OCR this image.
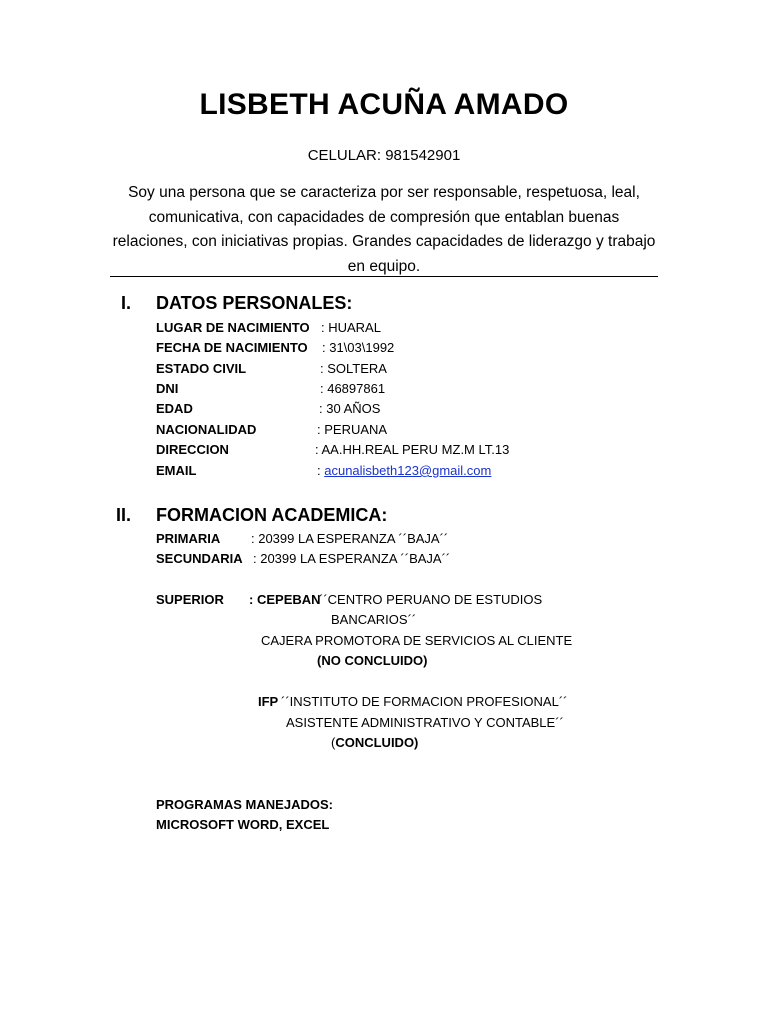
LISBETH ACUÑA AMADO
CELULAR: 981542901
Soy una persona que se caracteriza por ser responsable, respetuosa, leal, comunicativa, con capacidades de compresión que entablan buenas relaciones, con iniciativas propias. Grandes capacidades de liderazgo y trabajo en equipo.
I. DATOS PERSONALES:
LUGAR DE NACIMIENTO : HUARAL
FECHA DE NACIMIENTO : 31\03\1992
ESTADO CIVIL	: SOLTERA
DNI	: 46897861
EDAD	: 30 AÑOS
NACIONALIDAD	: PERUANA
DIRECCION	: AA.HH.REAL PERU MZ.M LT.13
EMAIL	: acunalisbeth123@gmail.com
II. FORMACION ACADEMICA:
PRIMARIA : 20399 LA ESPERANZA ´´BAJA´´
SECUNDARIA : 20399 LA ESPERANZA ´´BAJA´´
SUPERIOR : CEPEBAN
´´CENTRO PERUANO DE ESTUDIOS
BANCARIOS´´
CAJERA PROMOTORA DE SERVICIOS AL CLIENTE
(NO CONCLUIDO)
IFP ´´INSTITUTO DE FORMACION PROFESIONAL´´
ASISTENTE ADMINISTRATIVO Y CONTABLE´´
(CONCLUIDO)
PROGRAMAS MANEJADOS:
MICROSOFT WORD, EXCEL
